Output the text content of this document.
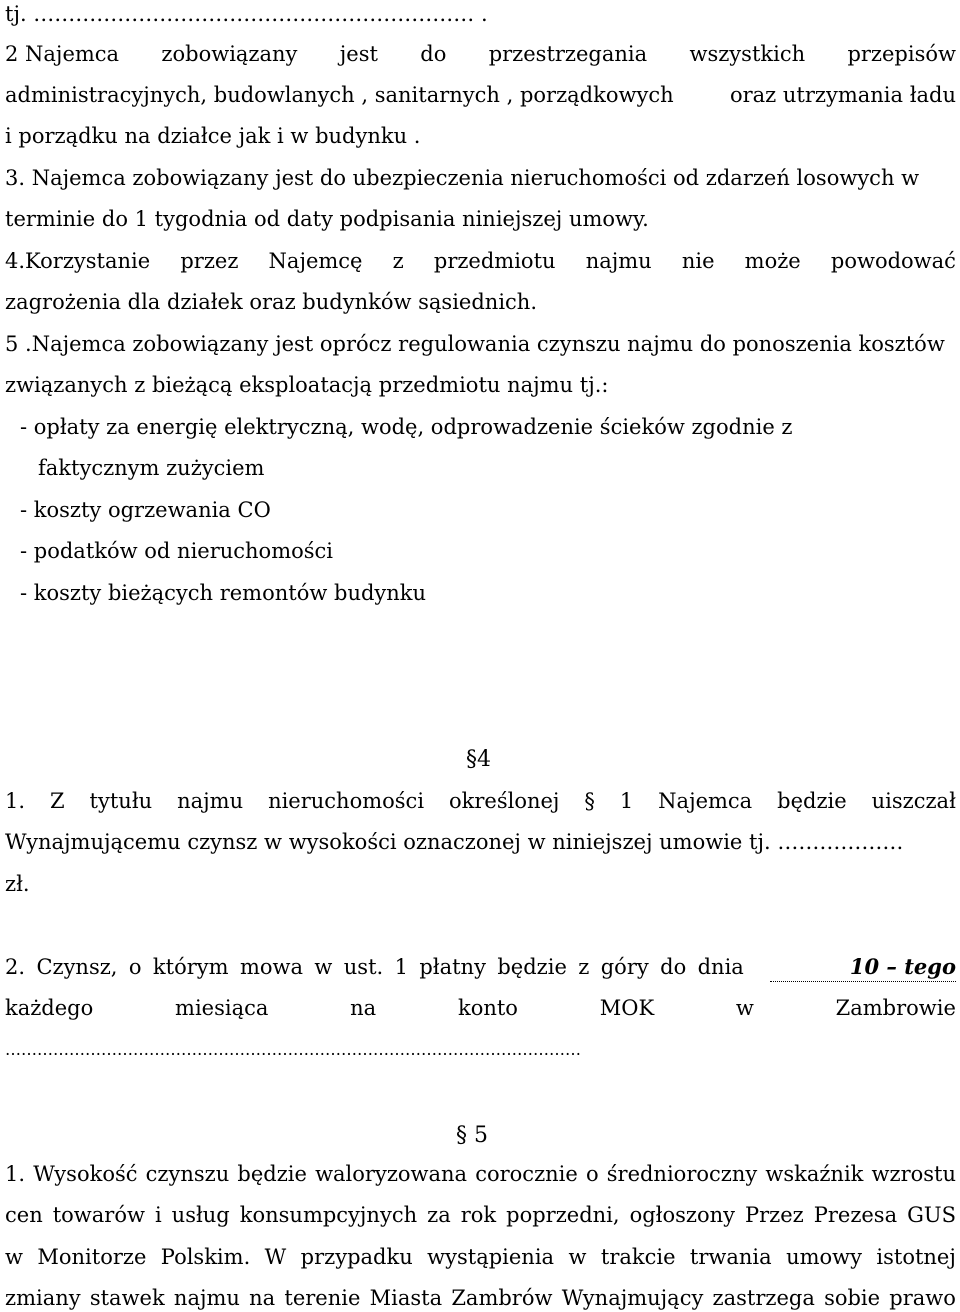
tj. ……………………………………………………… .
2 Najemca zobowiązany jest do przestrzegania wszystkich przepisów
administracyjnych, budowlanych , sanitarnych , porządkowych	oraz utrzymania ładu
i porządku na działce jak i w budynku .
3. Najemca zobowiązany jest do ubezpieczenia nieruchomości od zdarzeń losowych w
terminie do 1 tygodnia od daty podpisania niniejszej umowy.
4.Korzystanie przez Najemcę z przedmiotu najmu nie może powodować
zagrożenia dla działek oraz budynków sąsiednich.
5 .Najemca zobowiązany jest oprócz regulowania czynszu najmu do ponoszenia kosztów
związanych z bieżącą eksploatacją przedmiotu najmu tj.:
- opłaty za energię elektryczną, wodę, odprowadzenie ścieków zgodnie z
faktycznym zużyciem
- koszty ogrzewania CO
- podatków od nieruchomości
- koszty bieżących remontów budynku
§4
1. Z tytułu najmu nieruchomości określonej § 1 Najemca będzie uiszczał
Wynajmującemu czynsz w wysokości oznaczonej w niniejszej umowie tj. ………………
zł.
2. Czynsz, o którym mowa w ust. 1 płatny będzie z góry do dnia	10 – tego
każdego	miesiąca	na	konto	MOK	w	Zambrowie
………………………………………………………………………………………………
§ 5
1. Wysokość czynszu będzie waloryzowana corocznie o średnioroczny wskaźnik wzrostu
cen towarów i usług konsumpcyjnych za rok poprzedni, ogłoszony Przez Prezesa GUS
w Monitorze Polskim. W przypadku wystąpienia w trakcie trwania umowy istotnej
zmiany stawek najmu na terenie Miasta Zambrów Wynajmujący zastrzega sobie prawo
